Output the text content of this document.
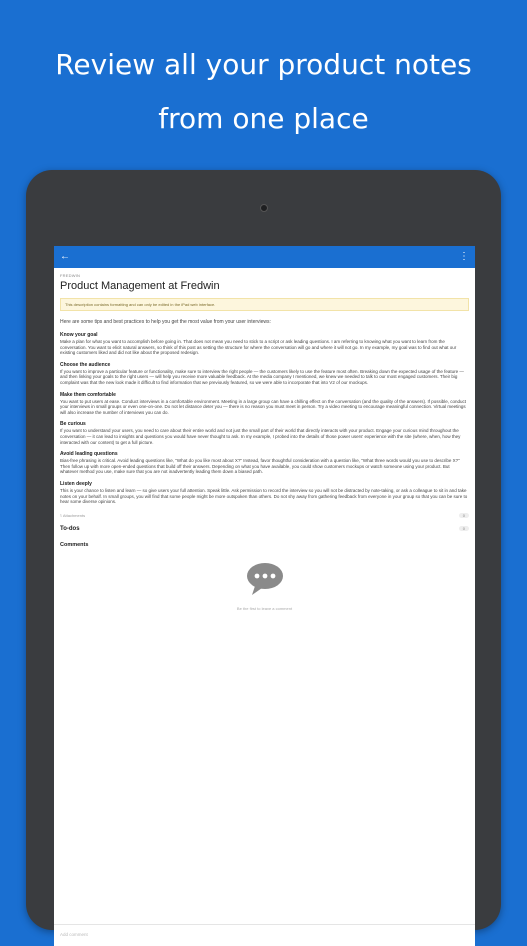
Review all your product notes
from one place
←	⋮
FREDWIN
Product Management at Fredwin
This description contains formatting and can only be edited in the iPad web interface.
Here are some tips and best practices to help you get the most value from your user interviews:
Know your goal

Make a plan for what you want to accomplish before going in. That does not mean you need to stick to a script or ask leading questions. I am referring to knowing what you want to learn from the conversation. You want to elicit natural answers, so think of this post as setting the structure for where the conversation will go and where it will not go. In my example, my goal was to find out what our existing customers liked and did not like about the proposed redesign.

Choose the audience

If you want to improve a particular feature or functionality, make sure to interview the right people — the customers likely to use the feature most often. Breaking down the expected usage of the feature — and then linking your goals to the right users — will help you receive more valuable feedback. At the media company I mentioned, we knew we needed to talk to our most engaged customers. Their big complaint was that the new look made it difficult to find information that we previously featured, so we were able to incorporate that into V2 of our mockups.

Make them comfortable

You want to put users at ease. Conduct interviews in a comfortable environment. Meeting in a large group can have a chilling effect on the conversation (and the quality of the answers). If possible, conduct your interviews in small groups or even one-on-one. Do not let distance deter you — there is no reason you must meet in person. Try a video meeting to encourage meaningful connection. Virtual meetings will also increase the number of interviews you can do.

Be curious

If you want to understand your users, you need to care about their entire world and not just the small part of their world that directly interacts with your product. Engage your curious mind throughout the conversation — it can lead to insights and questions you would have never thought to ask. In my example, I probed into the details of those power users' experience with the site (where, when, how they interacted with our content) to get a full picture.

Avoid leading questions

Bias-free phrasing is critical. Avoid leading questions like, "What do you like most about X?" Instead, favor thoughtful consideration with a question like, "What three words would you use to describe X?" Then follow up with more open-ended questions that build off their answers. Depending on what you have available, you could show customers mockups or watch someone using your product. But whatever method you use, make sure that you are not inadvertently leading them down a biased path.

Listen deeply

This is your chance to listen and learn — so give users your full attention. Speak little. Ask permission to record the interview so you will not be distracted by note-taking, or ask a colleague to sit in and take notes on your behalf. In small groups, you will find that some people might be more outspoken than others. Do not shy away from gathering feedback from everyone in your group so that you can be sure to hear some diverse opinions.

⌇ Attachments	0
To-dos	0
Comments
Be the first to leave a comment
Add comment
